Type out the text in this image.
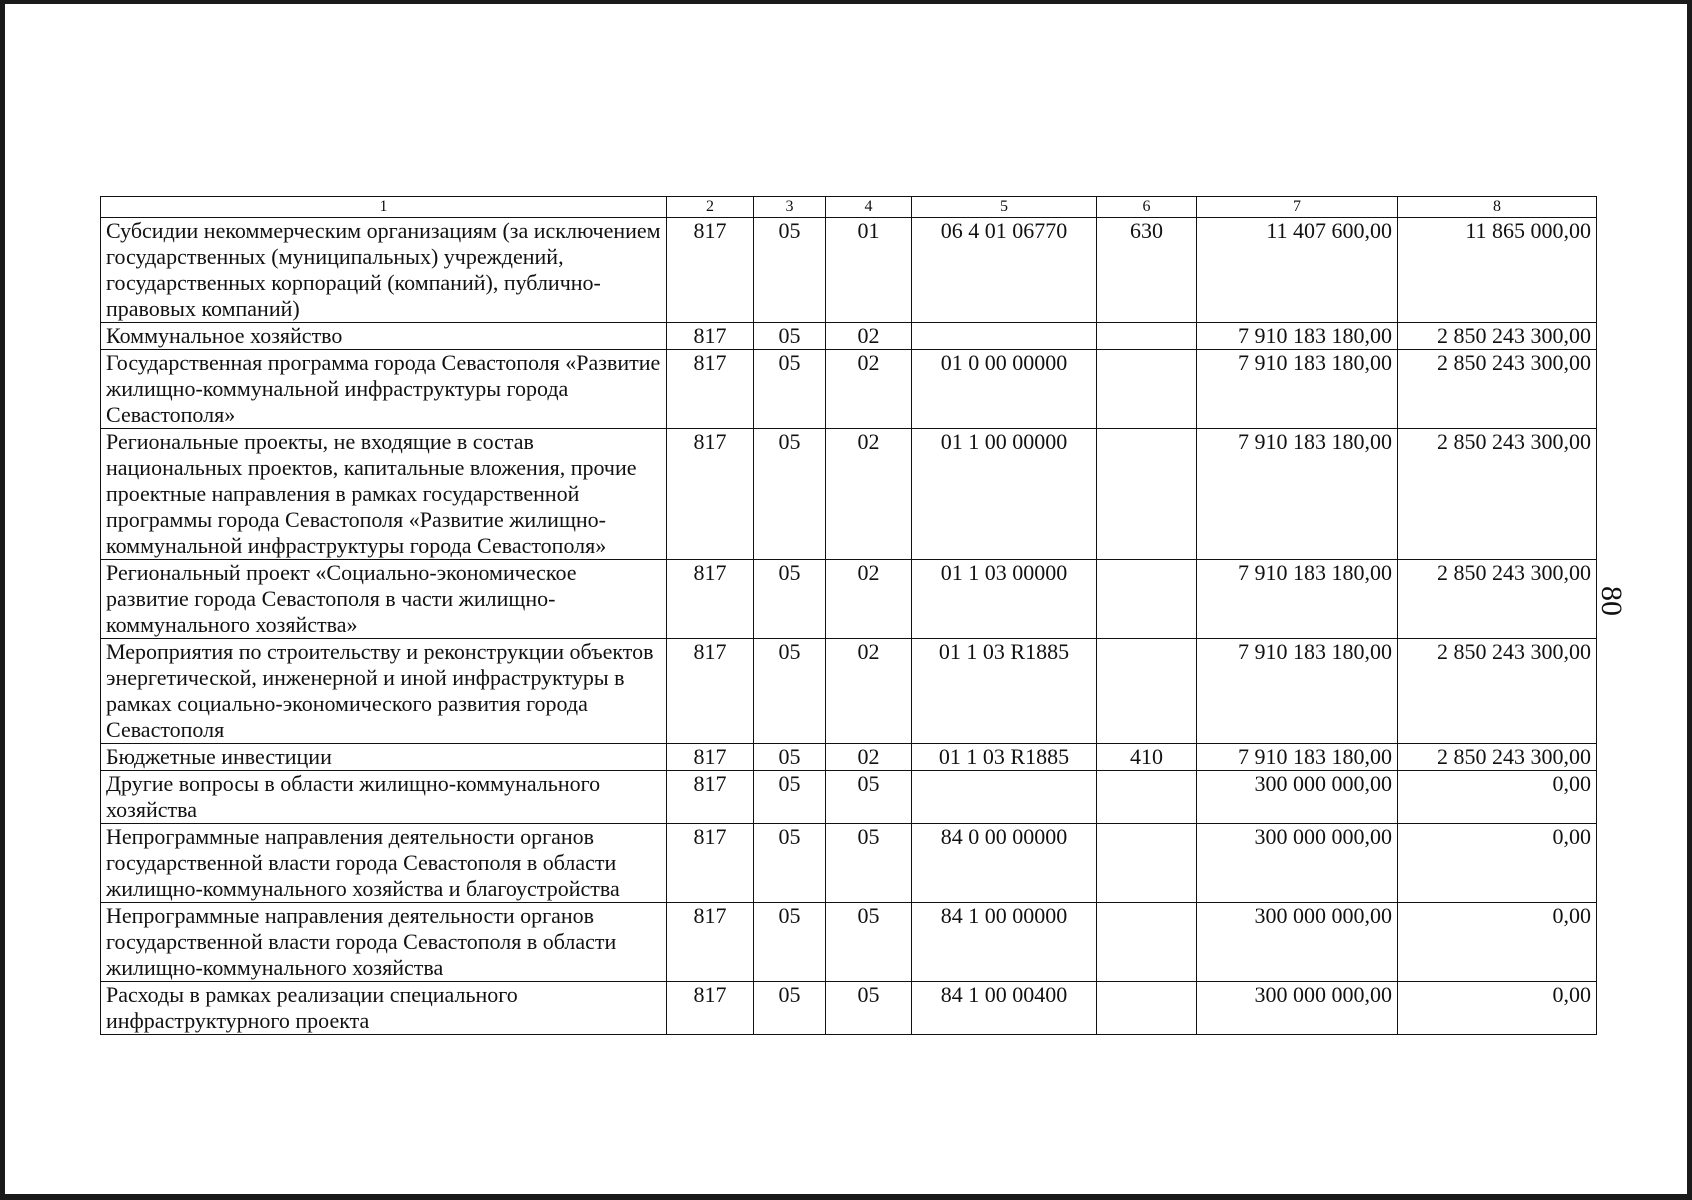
1	2	3	4	5	6	7	8
Субсидии некоммерческим организациям (за исключением государственных (муниципальных) учреждений, государственных корпораций (компаний), публично-правовых компаний)	817	05	01	06 4 01 06770	630	11 407 600,00	11 865 000,00
Коммунальное хозяйство	817	05	02			7 910 183 180,00	2 850 243 300,00
Государственная программа города Севастополя «Развитие жилищно-коммунальной инфраструктуры города Севастополя»	817	05	02	01 0 00 00000		7 910 183 180,00	2 850 243 300,00
Региональные проекты, не входящие в состав национальных проектов, капитальные вложения, прочие проектные направления в рамках государственной программы города Севастополя «Развитие жилищно-коммунальной инфраструктуры города Севастополя»	817	05	02	01 1 00 00000		7 910 183 180,00	2 850 243 300,00
Региональный проект «Социально-экономическое развитие города Севастополя в части жилищно-коммунального хозяйства»	817	05	02	01 1 03 00000		7 910 183 180,00	2 850 243 300,00
Мероприятия по строительству и реконструкции объектов энергетической, инженерной и иной инфраструктуры в рамках социально-экономического развития города Севастополя	817	05	02	01 1 03 R1885		7 910 183 180,00	2 850 243 300,00
Бюджетные инвестиции	817	05	02	01 1 03 R1885	410	7 910 183 180,00	2 850 243 300,00
Другие вопросы в области жилищно-коммунального хозяйства	817	05	05			300 000 000,00	0,00
Непрограммные направления деятельности органов государственной власти города Севастополя в области жилищно-коммунального хозяйства и благоустройства	817	05	05	84 0 00 00000		300 000 000,00	0,00
Непрограммные направления деятельности органов государственной власти города Севастополя в области жилищно-коммунального хозяйства	817	05	05	84 1 00 00000		300 000 000,00	0,00
Расходы в рамках реализации специального инфраструктурного проекта	817	05	05	84 1 00 00400		300 000 000,00	0,00
80
